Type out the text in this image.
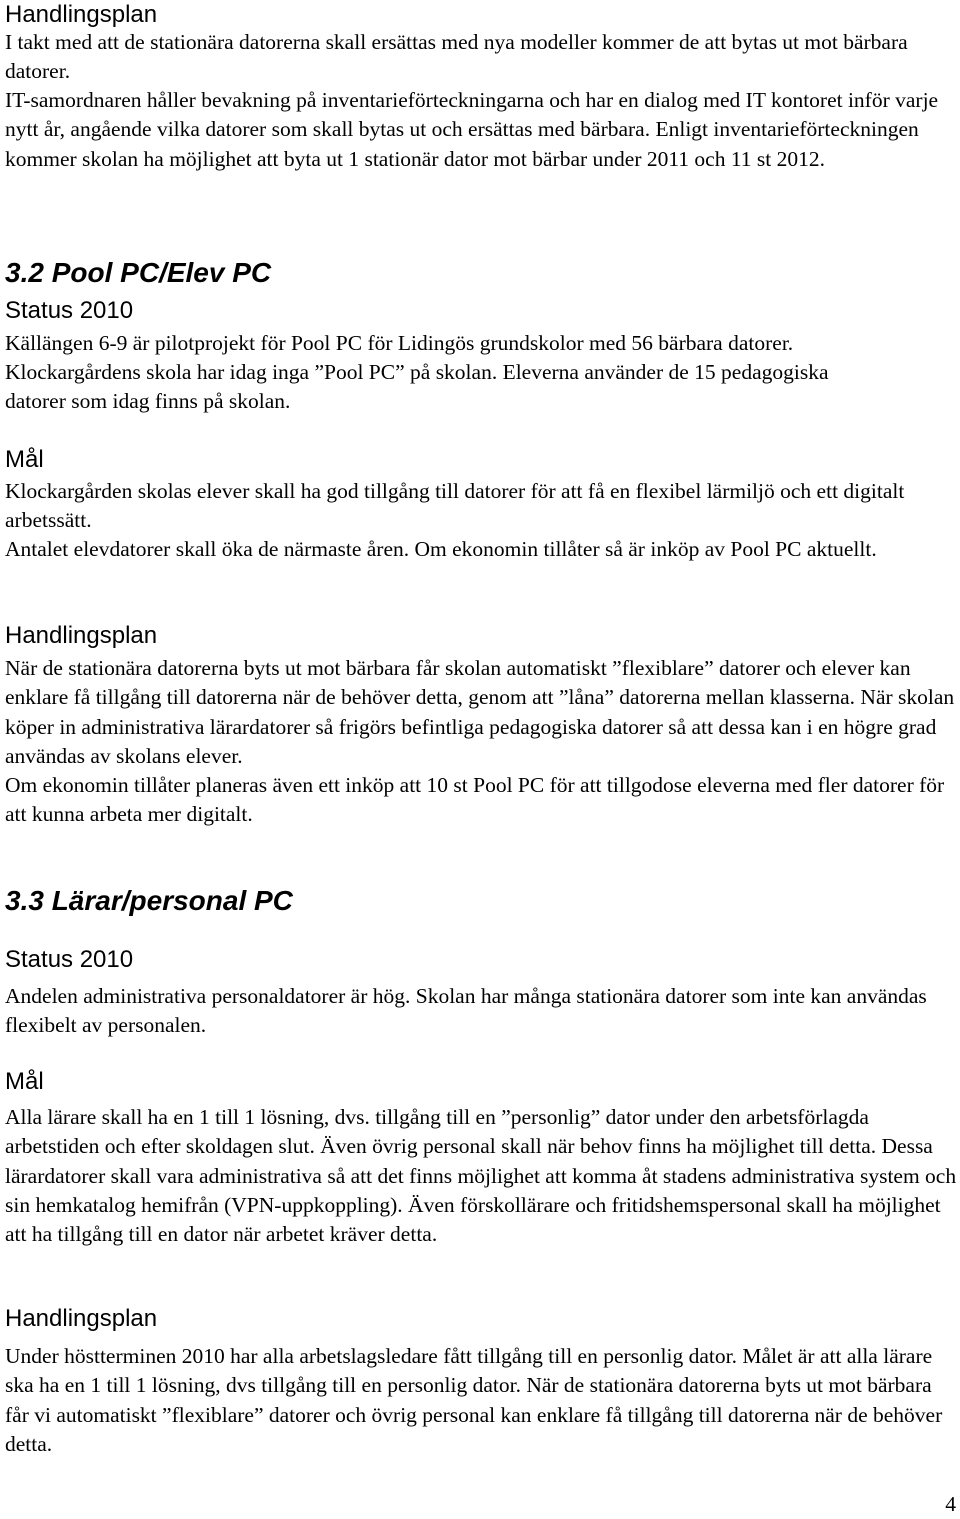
Handlingsplan

I takt med att de stationära datorerna skall ersättas med nya modeller kommer de att bytas ut mot bärbara datorer.

IT-samordnaren håller bevakning på inventarieförteckningarna och har en dialog med IT kontoret inför varje nytt år, angående vilka datorer som skall bytas ut och ersättas med bärbara. Enligt inventarieförteckningen kommer skolan ha möjlighet att byta ut 1 stationär dator mot bärbar under 2011 och 11 st 2012.

3.2 Pool PC/Elev PC
Status 2010

Källängen 6-9 är pilotprojekt för Pool PC för Lidingös grundskolor med 56 bärbara datorer.

Klockargårdens skola har idag inga ”Pool PC” på skolan. Eleverna använder de 15 pedagogiska datorer som idag finns på skolan.

Mål

Klockargården skolas elever skall ha god tillgång till datorer för att få en flexibel lärmiljö och ett digitalt arbetssätt.

Antalet elevdatorer skall öka de närmaste åren. Om ekonomin tillåter så är inköp av Pool PC aktuellt.

Handlingsplan

När de stationära datorerna byts ut mot bärbara får skolan automatiskt ”flexiblare” datorer och elever kan enklare få tillgång till datorerna när de behöver detta, genom att ”låna” datorerna mellan klasserna. När skolan köper in administrativa lärardatorer så frigörs befintliga pedagogiska datorer så att dessa kan i en högre grad användas av skolans elever.

Om ekonomin tillåter planeras även ett inköp att 10 st Pool PC för att tillgodose eleverna med fler datorer för att kunna arbeta mer digitalt.

3.3 Lärar/personal PC
Status 2010

Andelen administrativa personaldatorer är hög. Skolan har många stationära datorer som inte kan användas flexibelt av personalen.

Mål

Alla lärare skall ha en 1 till 1 lösning, dvs. tillgång till en ”personlig” dator under den arbetsförlagda arbetstiden och efter skoldagen slut. Även övrig personal skall när behov finns ha möjlighet till detta. Dessa lärardatorer skall vara administrativa så att det finns möjlighet att komma åt stadens administrativa system och sin hemkatalog hemifrån (VPN-uppkoppling). Även förskollärare och fritidshemspersonal skall ha möjlighet att ha tillgång till en dator när arbetet kräver detta.

Handlingsplan

Under höstterminen 2010 har alla arbetslagsledare fått tillgång till en personlig dator. Målet är att alla lärare ska ha en 1 till 1 lösning, dvs tillgång till en personlig dator. När de stationära datorerna byts ut mot bärbara får vi automatiskt ”flexiblare” datorer och övrig personal kan enklare få tillgång till datorerna när de behöver detta.

4
